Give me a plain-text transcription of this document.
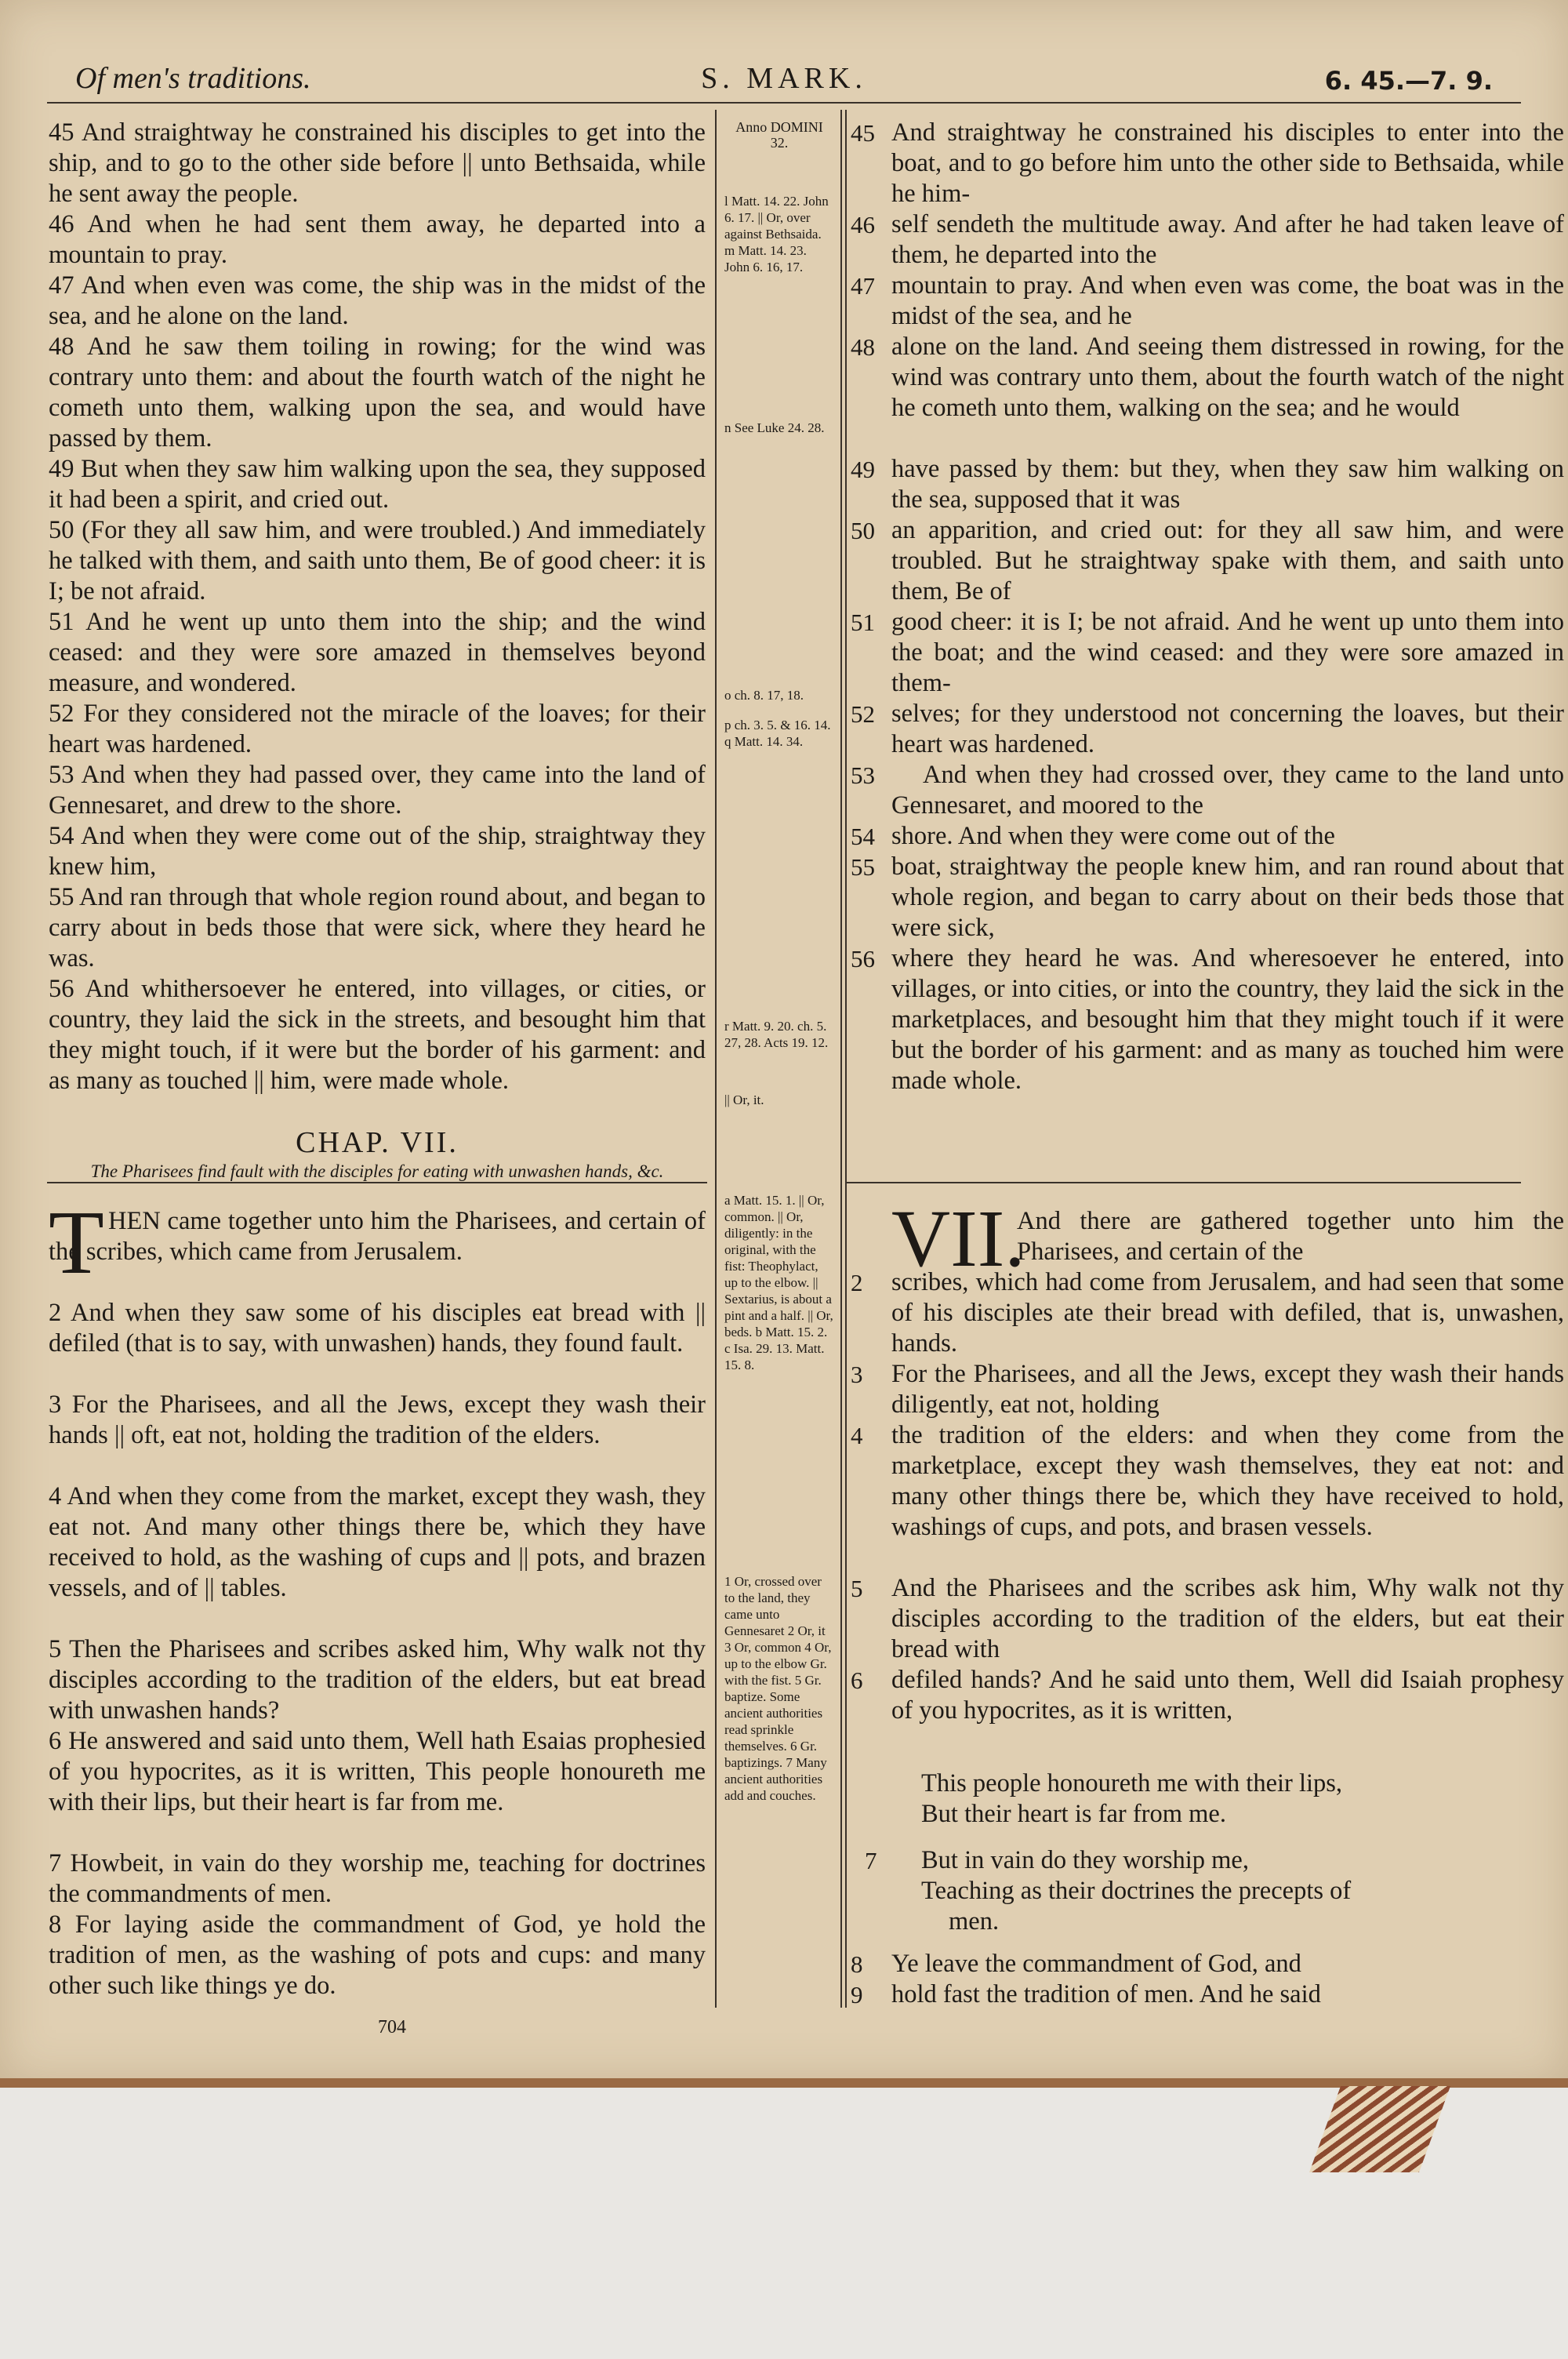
Of men's traditions.	S. MARK.	6. 45.—7. 9.
Anno DOMINI
32.
45 And straightway he constrained his disciples to get into the ship, and to go to the other side before || unto Bethsaida, while he sent away the people.
46 And when he had sent them away, he departed into a mountain to pray.
47 And when even was come, the ship was in the midst of the sea, and he alone on the land.
48 And he saw them toiling in rowing; for the wind was contrary unto them: and about the fourth watch of the night he cometh unto them, walking upon the sea, and would have passed by them.
49 But when they saw him walking upon the sea, they supposed it had been a spirit, and cried out.
50 (For they all saw him, and were troubled.) And immediately he talked with them, and saith unto them, Be of good cheer: it is I; be not afraid.
51 And he went up unto them into the ship; and the wind ceased: and they were sore amazed in themselves beyond measure, and wondered.
52 For they considered not the miracle of the loaves; for their heart was hardened.
53 And when they had passed over, they came into the land of Gennesaret, and drew to the shore.
54 And when they were come out of the ship, straightway they knew him,
55 And ran through that whole region round about, and began to carry about in beds those that were sick, where they heard he was.
56 And whithersoever he entered, into villages, or cities, or country, they laid the sick in the streets, and besought him that they might touch, if it were but the border of his garment: and as many as touched || him, were made whole.
CHAP. VII.
The Pharisees find fault with the disciples for eating with unwashen hands, &c.
T HEN came together unto him the Pharisees, and certain of the scribes, which came from Jerusalem.
2 And when they saw some of his disciples eat bread with || defiled (that is to say, with unwashen) hands, they found fault.
3 For the Pharisees, and all the Jews, except they wash their hands || oft, eat not, holding the tradition of the elders.
4 And when they come from the market, except they wash, they eat not. And many other things there be, which they have received to hold, as the washing of cups and || pots, and brazen vessels, and of || tables.
5 Then the Pharisees and scribes asked him, Why walk not thy disciples according to the tradition of the elders, but eat bread with unwashen hands?
6 He answered and said unto them, Well hath Esaias prophesied of you hypocrites, as it is written, This people honoureth me with their lips, but their heart is far from me.
7 Howbeit, in vain do they worship me, teaching for doctrines the commandments of men.
8 For laying aside the commandment of God, ye hold the tradition of men, as the washing of pots and cups: and many other such like things ye do.
l Matt. 14. 22. John 6. 17. || Or, over against Bethsaida. m Matt. 14. 23. John 6. 16, 17.
n See Luke 24. 28.
o ch. 8. 17, 18.
p ch. 3. 5. & 16. 14. q Matt. 14. 34.
r Matt. 9. 20. ch. 5. 27, 28. Acts 19. 12.
|| Or, it.
a Matt. 15. 1. || Or, common. || Or, diligently: in the original, with the fist: Theophylact, up to the elbow. || Sextarius, is about a pint and a half. || Or, beds. b Matt. 15. 2. c Isa. 29. 13. Matt. 15. 8.
1 Or, crossed over to the land, they came unto Gennesaret 2 Or, it 3 Or, common 4 Or, up to the elbow Gr. with the fist. 5 Gr. baptize. Some ancient authorities read sprinkle themselves. 6 Gr. baptizings. 7 Many ancient authorities add and couches.
45 And straightway he constrained his disciples to enter into the boat, and to go before him unto the other side to Bethsaida, while he him-
46 self sendeth the multitude away. And after he had taken leave of them, he departed into the
47 mountain to pray. And when even was come, the boat was in the midst of the sea, and he
48 alone on the land. And seeing them distressed in rowing, for the wind was contrary unto them, about the fourth watch of the night he cometh unto them, walking on the sea; and he would
49 have passed by them: but they, when they saw him walking on the sea, supposed that it was
50 an apparition, and cried out: for they all saw him, and were troubled. But he straightway spake with them, and saith unto them, Be of
51 good cheer: it is I; be not afraid. And he went up unto them into the boat; and the wind ceased: and they were sore amazed in them-
52 selves; for they understood not concerning the loaves, but their heart was hardened.
53	And when they had crossed over, they came to the land unto Gennesaret, and moored to the
54 shore. And when they were come out of the
55 boat, straightway the people knew him, and ran round about that whole region, and began to carry about on their beds those that were sick,
56 where they heard he was. And wheresoever he entered, into villages, or into cities, or into the country, they laid the sick in the marketplaces, and besought him that they might touch if it were but the border of his garment: and as many as touched him were made whole.
VII.
And there are gathered together unto him the Pharisees, and certain of the
2 scribes, which had come from Jerusalem, and had seen that some of his disciples ate their bread with defiled, that is, unwashen, hands.
3 For the Pharisees, and all the Jews, except they wash their hands diligently, eat not, holding
4 the tradition of the elders: and when they come from the marketplace, except they wash themselves, they eat not: and many other things there be, which they have received to hold, washings of cups, and pots, and brasen vessels.
5 And the Pharisees and the scribes ask him, Why walk not thy disciples according to the tradition of the elders, but eat their bread with
6 defiled hands? And he said unto them, Well did Isaiah prophesy of you hypocrites, as it is written,
This people honoureth me with their lips,
But their heart is far from me.
7 But in vain do they worship me,
Teaching as their doctrines the precepts of
men.
8 Ye leave the commandment of God, and
9 hold fast the tradition of men. And he said
704
